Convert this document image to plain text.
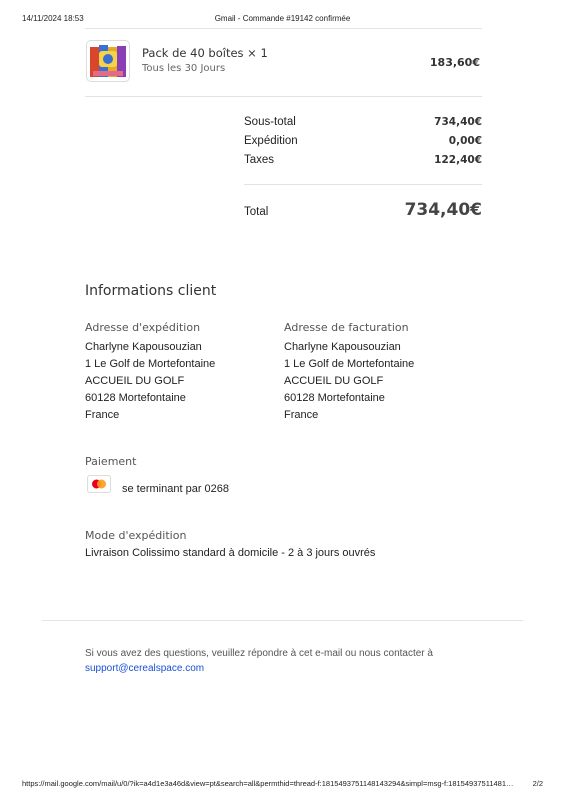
14/11/2024 18:53	Gmail - Commande #19142 confirmée
Pack de 40 boîtes × 1
Tous les 30 Jours	183,60€
Sous-total	734,40€
Expédition	0,00€
Taxes	122,40€
Total	734,40€
Informations client
Adresse d'expédition
Charlyne Kapousouzian
1 Le Golf de Mortefontaine
ACCUEIL DU GOLF
60128 Mortefontaine
France
Adresse de facturation
Charlyne Kapousouzian
1 Le Golf de Mortefontaine
ACCUEIL DU GOLF
60128 Mortefontaine
France
Paiement
se terminant par 0268
Mode d'expédition
Livraison Colissimo standard à domicile - 2 à 3 jours ouvrés
Si vous avez des questions, veuillez répondre à cet e-mail ou nous contacter à
support@cerealspace.com
https://mail.google.com/mail/u/0/?ik=a4d1e3a46d&view=pt&search=all&permthid=thread-f:1815493751148143294&simpl=msg-f:18154937511481…	2/2
